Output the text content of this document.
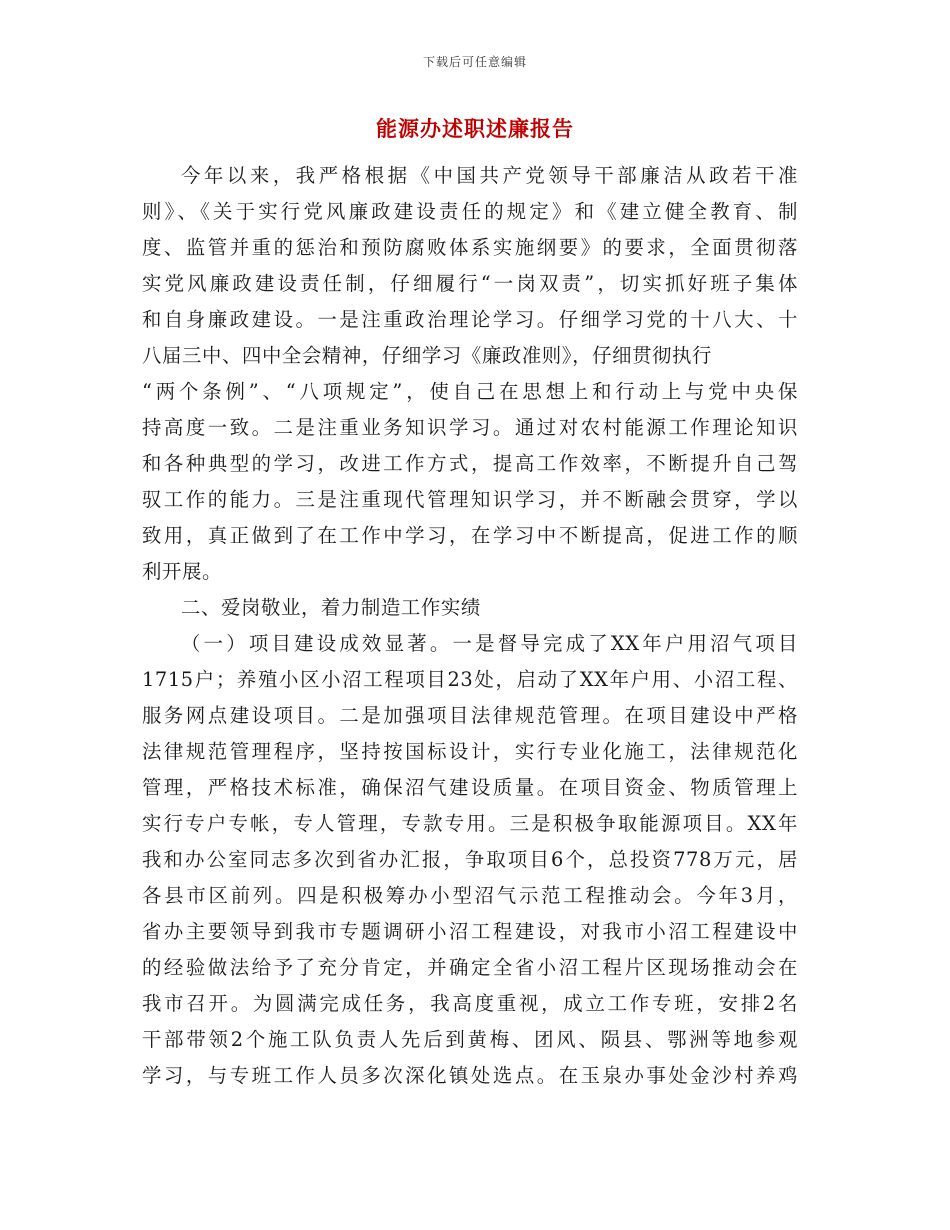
下载后可任意编辑
能源办述职述廉报告
今年以来，我严格根据《中国共产党领导干部廉洁从政若干准
则》、《关于实行党风廉政建设责任的规定》和《建立健全教育、制
度、监管并重的惩治和预防腐败体系实施纲要》的要求，全面贯彻落
实党风廉政建设责任制，仔细履行“一岗双责”，切实抓好班子集体
和自身廉政建设。一是注重政治理论学习。仔细学习党的十八大、十
八届三中、四中全会精神，仔细学习《廉政准则》，仔细贯彻执行
“两个条例”、“八项规定”，使自己在思想上和行动上与党中央保
持高度一致。二是注重业务知识学习。通过对农村能源工作理论知识
和各种典型的学习，改进工作方式，提高工作效率，不断提升自己驾
驭工作的能力。三是注重现代管理知识学习，并不断融会贯穿，学以
致用，真正做到了在工作中学习，在学习中不断提高，促进工作的顺
利开展。
二、爱岗敬业，着力制造工作实绩
（一）项目建设成效显著。一是督导完成了XX年户用沼气项目
1715户；养殖小区小沼工程项目23处，启动了XX年户用、小沼工程、
服务网点建设项目。二是加强项目法律规范管理。在项目建设中严格
法律规范管理程序，坚持按国标设计，实行专业化施工，法律规范化
管理，严格技术标准，确保沼气建设质量。在项目资金、物质管理上
实行专户专帐，专人管理，专款专用。三是积极争取能源项目。XX年
我和办公室同志多次到省办汇报，争取项目6个，总投资778万元，居
各县市区前列。四是积极筹办小型沼气示范工程推动会。今年3月，
省办主要领导到我市专题调研小沼工程建设，对我市小沼工程建设中
的经验做法给予了充分肯定，并确定全省小沼工程片区现场推动会在
我市召开。为圆满完成任务，我高度重视，成立工作专班，安排2名
干部带领2个施工队负责人先后到黄梅、团风、陨县、鄂洲等地参观
学习，与专班工作人员多次深化镇处选点。在玉泉办事处金沙村养鸡
